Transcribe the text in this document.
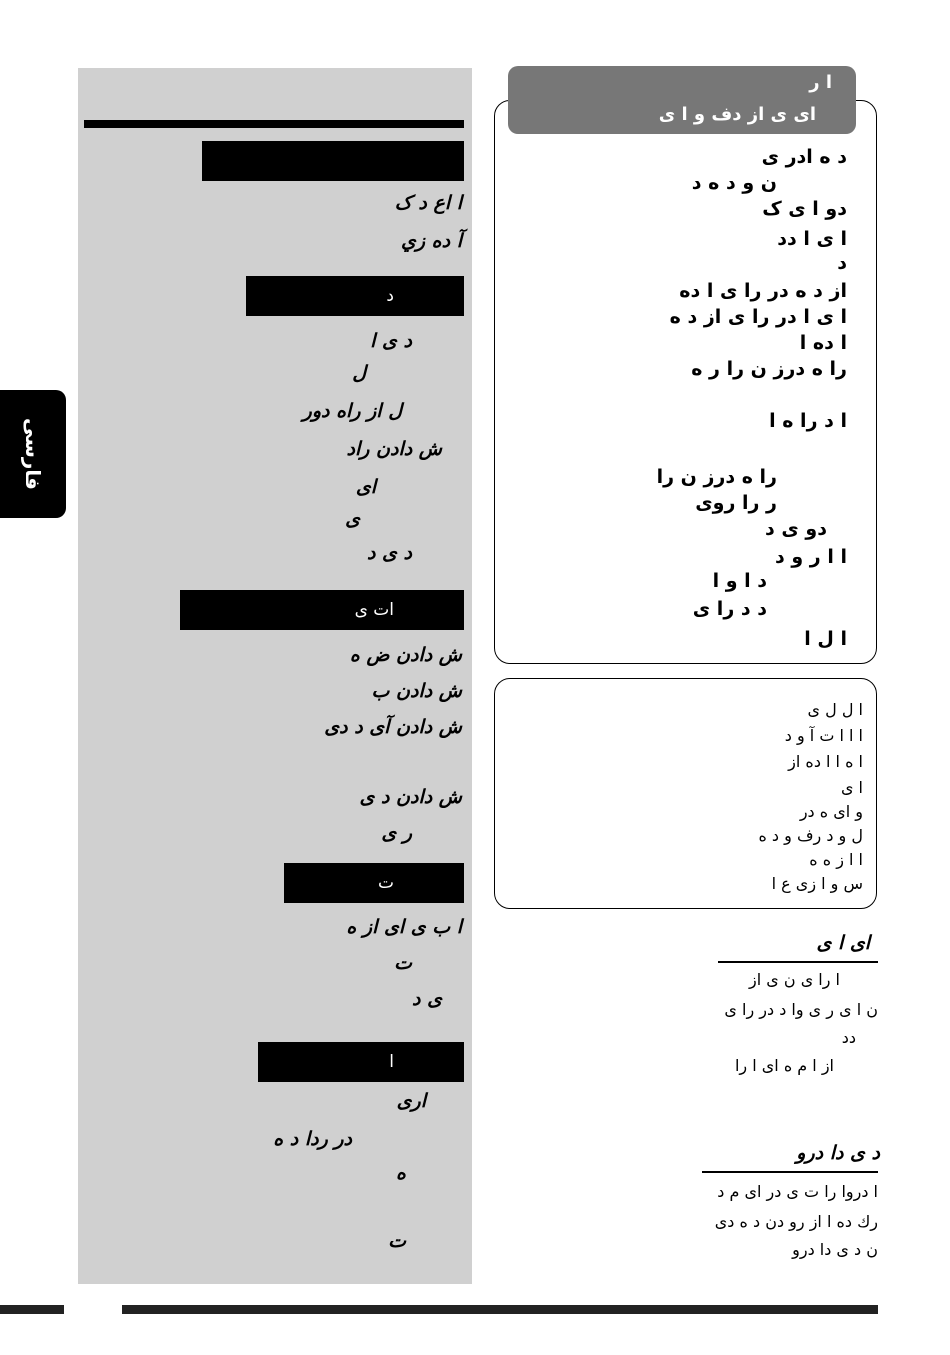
فارسی
ا اع د ک
آ ده زي
د
د ی ا
ل
ل از راه دور
ش دادن راد
ای
ی
د ی د
ات ی
ش دادن ض ه
ش دادن ب
ش دادن آی د دی
ش دادن د ی
ر ی
ت
ا ب ی ای از ه
ت
ی د
ا
اری
در ردا د ه
ه
ت
ا ر
ای ی از دف و ا ی
د ه ادر ی
ن و د ه د
دو ا ی ک
ا ی ا دد
د
از د ه در را ی ا ده
ا ی ا در را ی از د ه
ا ده ا
را ه درز ن را ر ه
ا د را ه ا
را ه درز ن را
ر را روی
دو ی د
ا ا ر و د
د ا و ا
د د را ی
ا ل ا
ا ل ل ی
ا ا ا ت آ و د
ا ه ا ا ده از
ا ی
و ای ه در
ل و د رف و د ه
ا ا ز ه ه
س و ا زی ع ا
ای ا ی
ا را ی ن ی از
ن ا ی ر ی وا د در را ی
دد
از ا م ه ای ا را
د ی دا درو
ا دروا را ت ی در ای م د
رك ده ا از رو دن د ه دی
ن د ی دا درو
